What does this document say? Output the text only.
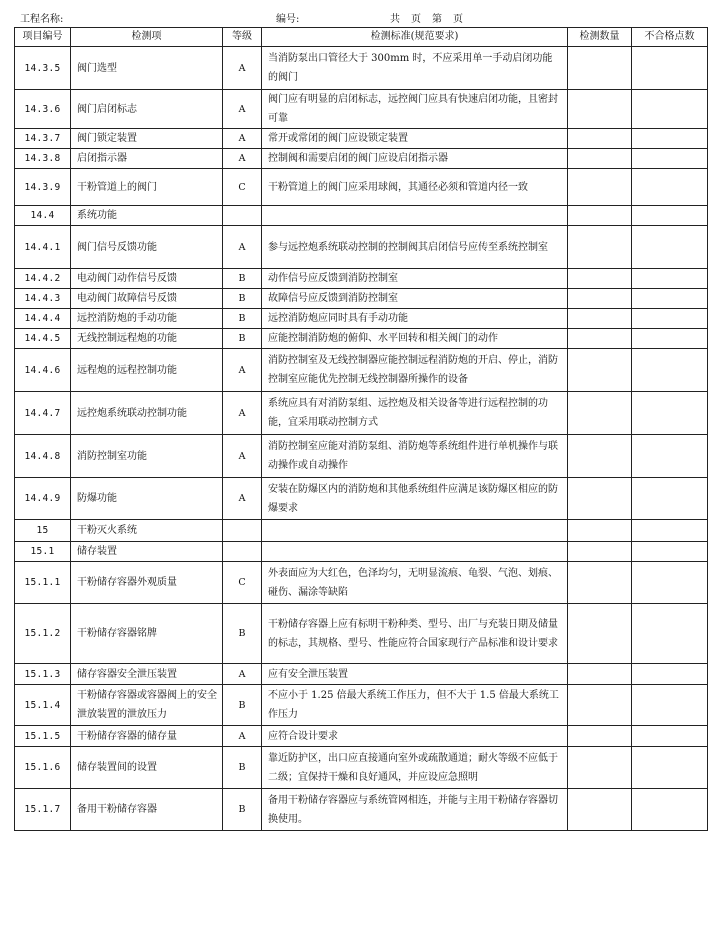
工程名称:	编号:	共　页　第　页
项目编号	检测项	等级	检测标准(规范要求)	检测数量	不合格点数
14.3.5	阀门选型	A	当消防泵出口管径大于 300mm 时，不应采用单一手动启闭功能的阀门		
14.3.6	阀门启闭标志	A	阀门应有明显的启闭标志，远控阀门应具有快速启闭功能，且密封可靠		
14.3.7	阀门锁定装置	A	常开或常闭的阀门应设锁定装置		
14.3.8	启闭指示器	A	控制阀和需要启闭的阀门应设启闭指示器		
14.3.9	干粉管道上的阀门	C	干粉管道上的阀门应采用球阀，其通径必须和管道内径一致		
14.4	系统功能				
14.4.1	阀门信号反馈功能	A	参与远控炮系统联动控制的控制阀其启闭信号应传至系统控制室		
14.4.2	电动阀门动作信号反馈	B	动作信号应反馈到消防控制室		
14.4.3	电动阀门故障信号反馈	B	故障信号应反馈到消防控制室		
14.4.4	远控消防炮的手动功能	B	远控消防炮应同时具有手动功能		
14.4.5	无线控制远程炮的功能	B	应能控制消防炮的俯仰、水平回转和相关阀门的动作		
14.4.6	远程炮的远程控制功能	A	消防控制室及无线控制器应能控制远程消防炮的开启、停止，消防控制室应能优先控制无线控制器所操作的设备		
14.4.7	远控炮系统联动控制功能	A	系统应具有对消防泵组、远控炮及相关设备等进行远程控制的功能，宜采用联动控制方式		
14.4.8	消防控制室功能	A	消防控制室应能对消防泵组、消防炮等系统组件进行单机操作与联动操作或自动操作		
14.4.9	防爆功能	A	安装在防爆区内的消防炮和其他系统组件应满足该防爆区相应的防爆要求		
15	干粉灭火系统				
15.1	储存装置				
15.1.1	干粉储存容器外观质量	C	外表面应为大红色，色泽均匀，无明显流痕、龟裂、气泡、划痕、碰伤、漏涂等缺陷		
15.1.2	干粉储存容器铭牌	B	干粉储存容器上应有标明干粉种类、型号、出厂与充装日期及储量的标志，其规格、型号、性能应符合国家现行产品标准和设计要求		
15.1.3	储存容器安全泄压装置	A	应有安全泄压装置		
15.1.4	干粉储存容器或容器阀上的安全泄放装置的泄放压力	B	不应小于 1.25 倍最大系统工作压力，但不大于 1.5 倍最大系统工作压力		
15.1.5	干粉储存容器的储存量	A	应符合设计要求		
15.1.6	储存装置间的设置	B	靠近防护区，出口应直接通向室外或疏散通道；耐火等级不应低于二级；宜保持干燥和良好通风，并应设应急照明		
15.1.7	备用干粉储存容器	B	备用干粉储存容器应与系统管网相连，并能与主用干粉储存容器切换使用。		
